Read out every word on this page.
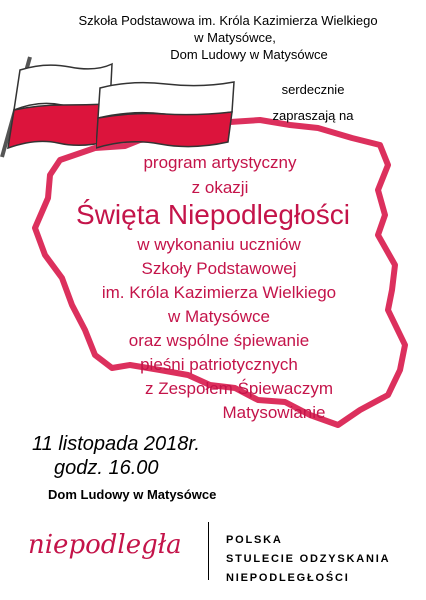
Szkoła Podstawowa im. Króla Kazimierza Wielkiego
w Matysówce,
Dom Ludowy w Matysówce
serdecznie
zapraszają na
program artystyczny
z okazji
Święta Niepodległości
w wykonaniu uczniów
Szkoły Podstawowej
im. Króla Kazimierza Wielkiego
w Matysówce
oraz wspólne śpiewanie
pieśni patriotycznych
z Zespołem Śpiewaczym
Matysowianie
11 listopada 2018r.
godz. 16.00
Dom Ludowy w Matysówce
niepodległa	POLSKA
STULECIE ODZYSKANIA
NIEPODLEGŁOŚCI
